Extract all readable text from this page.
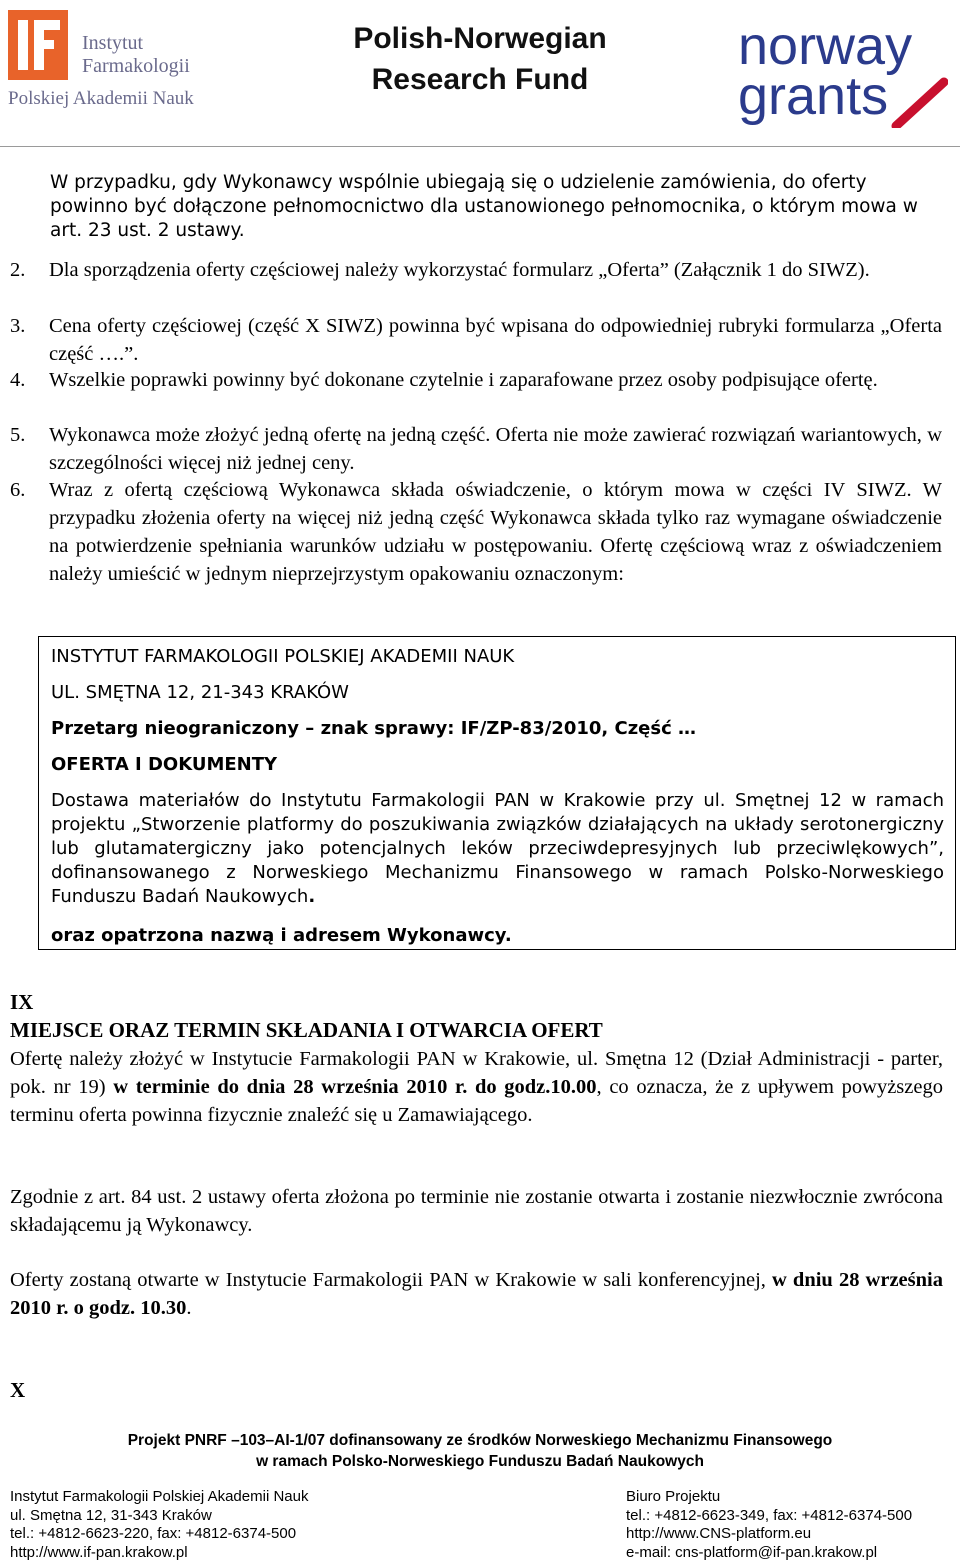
Instytut
Farmakologii
Polskiej Akademii Nauk
Polish-Norwegian
Research Fund
norway
grants
W przypadku, gdy Wykonawcy wspólnie ubiegają się o udzielenie zamówienia, do oferty powinno być dołączone pełnomocnictwo dla ustanowionego pełnomocnika, o którym mowa w art. 23 ust. 2 ustawy.
2. Dla sporządzenia oferty częściowej należy wykorzystać formularz „Oferta” (Załącznik 1 do SIWZ).
3. Cena oferty częściowej (część X SIWZ) powinna być wpisana do odpowiedniej rubryki formularza „Oferta część ….”.
4. Wszelkie poprawki powinny być dokonane czytelnie i zaparafowane przez osoby podpisujące ofertę.
5. Wykonawca może złożyć jedną ofertę na jedną część. Oferta nie może zawierać rozwiązań wariantowych, w szczególności więcej niż jednej ceny.
6. Wraz z ofertą częściową Wykonawca składa oświadczenie, o którym mowa w części IV SIWZ. W przypadku złożenia oferty na więcej niż jedną część Wykonawca składa tylko raz wymagane oświadczenie na potwierdzenie spełniania warunków udziału w postępowaniu. Ofertę częściową wraz z oświadczeniem należy umieścić w jednym nieprzejrzystym opakowaniu oznaczonym:
INSTYTUT FARMAKOLOGII POLSKIEJ AKADEMII NAUK
UL. SMĘTNA 12, 21-343 KRAKÓW
Przetarg nieograniczony – znak sprawy: IF/ZP-83/2010, Część …
OFERTA I DOKUMENTY
Dostawa materiałów do Instytutu Farmakologii PAN w Krakowie przy ul. Smętnej 12 w ramach projektu „Stworzenie platformy do poszukiwania związków działających na układy serotonergiczny lub glutamatergiczny jako potencjalnych leków przeciwdepresyjnych lub przeciwlękowych”, dofinansowanego z Norweskiego Mechanizmu Finansowego w ramach Polsko-Norweskiego Funduszu Badań Naukowych.
oraz opatrzona nazwą i adresem Wykonawcy.
IX
MIEJSCE ORAZ TERMIN SKŁADANIA I OTWARCIA OFERT
Ofertę należy złożyć w Instytucie Farmakologii PAN w Krakowie, ul. Smętna 12 (Dział Administracji - parter, pok. nr 19) w terminie do dnia 28 września 2010 r. do godz.10.00, co oznacza, że z upływem powyższego terminu oferta powinna fizycznie znaleźć się u Zamawiającego.
Zgodnie z art. 84 ust. 2 ustawy oferta złożona po terminie nie zostanie otwarta i zostanie niezwłocznie zwrócona składającemu ją Wykonawcy.
Oferty zostaną otwarte w Instytucie Farmakologii PAN w Krakowie w sali konferencyjnej, w dniu 28 września 2010 r. o godz. 10.30.
X
Projekt PNRF –103–AI-1/07 dofinansowany ze środków Norweskiego Mechanizmu Finansowego
w ramach Polsko-Norweskiego Funduszu Badań Naukowych
Instytut Farmakologii Polskiej Akademii Nauk
ul. Smętna 12, 31-343 Kraków
tel.: +4812-6623-220, fax: +4812-6374-500
http://www.if-pan.krakow.pl
Biuro Projektu
tel.: +4812-6623-349, fax: +4812-6374-500
http://www.CNS-platform.eu
e-mail: cns-platform@if-pan.krakow.pl
